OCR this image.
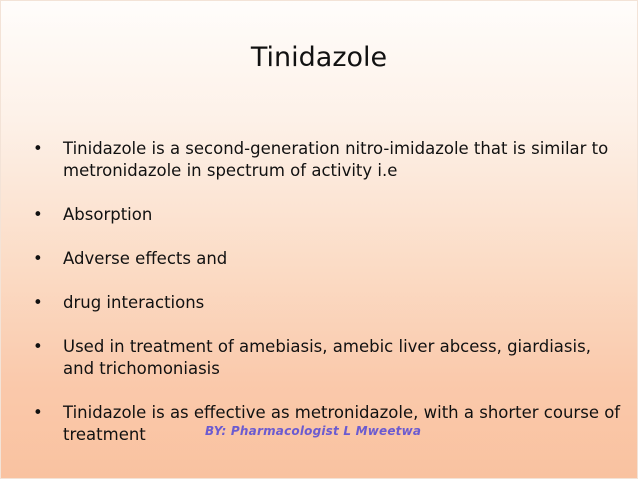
Tinidazole
• Tinidazole is a second-generation nitro-imidazole that is similar to metronidazole in spectrum of activity i.e
• Absorption
• Adverse effects and
• drug interactions
• Used in treatment of amebiasis, amebic liver abcess, giardiasis, and trichomoniasis
• Tinidazole is as effective as metronidazole, with a shorter course of treatment	BY: Pharmacologist L Mweetwa
